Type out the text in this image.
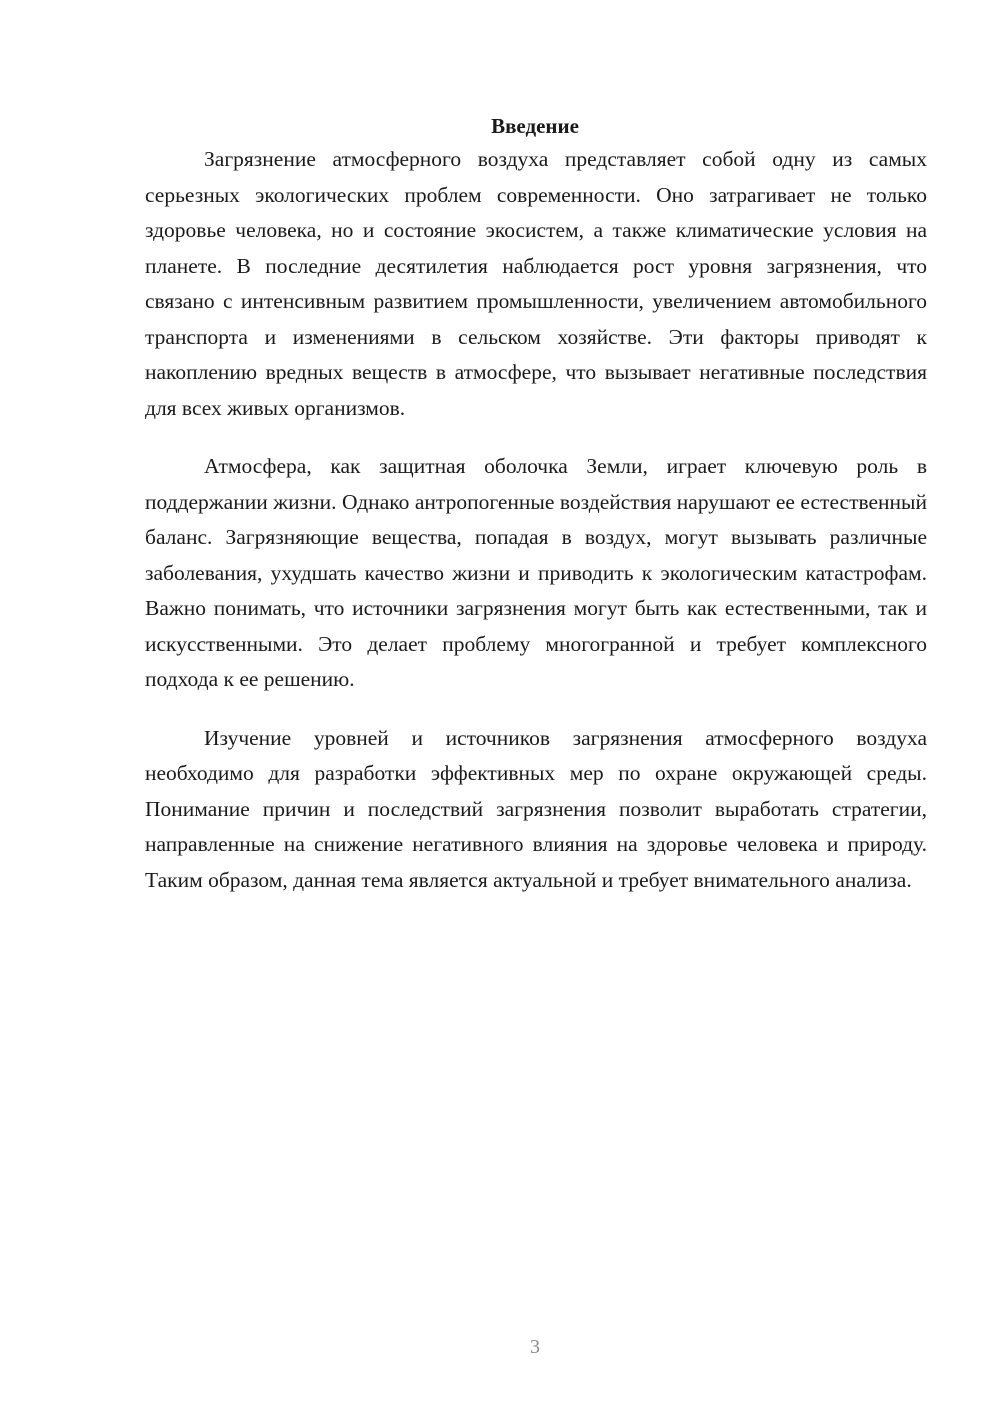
Введение

Загрязнение атмосферного воздуха представляет собой одну из самых серьезных экологических проблем современности. Оно затрагивает не только здоровье человека, но и состояние экосистем, а также климатические условия на планете. В последние десятилетия наблюдается рост уровня загрязнения, что связано с интенсивным развитием промышленности, увеличением автомобильного транспорта и изменениями в сельском хозяйстве. Эти факторы приводят к накоплению вредных веществ в атмосфере, что вызывает негативные последствия для всех живых организмов.

Атмосфера, как защитная оболочка Земли, играет ключевую роль в поддержании жизни. Однако антропогенные воздействия нарушают ее естественный баланс. Загрязняющие вещества, попадая в воздух, могут вызывать различные заболевания, ухудшать качество жизни и приводить к экологическим катастрофам. Важно понимать, что источники загрязнения могут быть как естественными, так и искусственными. Это делает проблему многогранной и требует комплексного подхода к ее решению.

Изучение уровней и источников загрязнения атмосферного воздуха необходимо для разработки эффективных мер по охране окружающей среды. Понимание причин и последствий загрязнения позволит выработать стратегии, направленные на снижение негативного влияния на здоровье человека и природу. Таким образом, данная тема является актуальной и требует внимательного анализа.

3
